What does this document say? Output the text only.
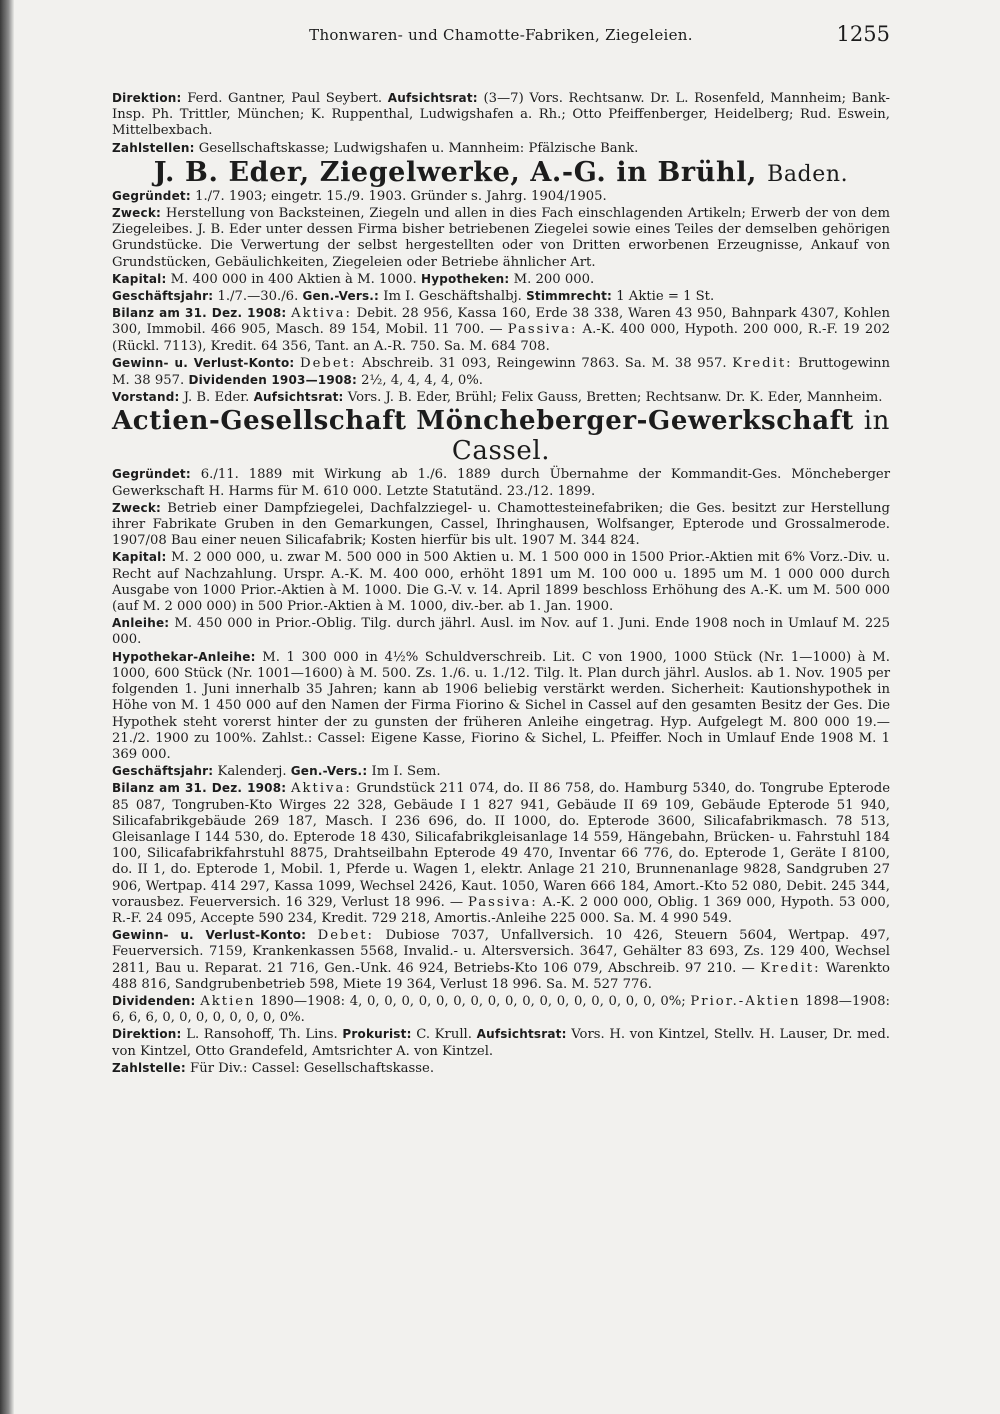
Thonwaren- und Chamotte-Fabriken, Ziegeleien.	1255

Direktion: Ferd. Gantner, Paul Seybert. Aufsichtsrat: (3—7) Vors. Rechtsanw. Dr. L. Rosenfeld, Mannheim; Bank-Insp. Ph. Trittler, München; K. Ruppenthal, Ludwigshafen a. Rh.; Otto Pfeiffenberger, Heidelberg; Rud. Eswein, Mittelbexbach.

Zahlstellen: Gesellschaftskasse; Ludwigshafen u. Mannheim: Pfälzische Bank.

J. B. Eder, Ziegelwerke, A.-G. in Brühl, Baden.

Gegründet: 1./7. 1903; eingetr. 15./9. 1903. Gründer s. Jahrg. 1904/1905.

Zweck: Herstellung von Backsteinen, Ziegeln und allen in dies Fach einschlagenden Artikeln; Erwerb der von dem Ziegeleibes. J. B. Eder unter dessen Firma bisher betriebenen Ziegelei sowie eines Teiles der demselben gehörigen Grundstücke. Die Verwertung der selbst hergestellten oder von Dritten erworbenen Erzeugnisse, Ankauf von Grundstücken, Gebäulichkeiten, Ziegeleien oder Betriebe ähnlicher Art.

Kapital: M. 400 000 in 400 Aktien à M. 1000. Hypotheken: M. 200 000.

Geschäftsjahr: 1./7.—30./6. Gen.-Vers.: Im I. Geschäftshalbj. Stimmrecht: 1 Aktie = 1 St.

Bilanz am 31. Dez. 1908: Aktiva: Debit. 28 956, Kassa 160, Erde 38 338, Waren 43 950, Bahnpark 4307, Kohlen 300, Immobil. 466 905, Masch. 89 154, Mobil. 11 700. — Passiva: A.-K. 400 000, Hypoth. 200 000, R.-F. 19 202 (Rückl. 7113), Kredit. 64 356, Tant. an A.-R. 750. Sa. M. 684 708.

Gewinn- u. Verlust-Konto: Debet: Abschreib. 31 093, Reingewinn 7863. Sa. M. 38 957. Kredit: Bruttogewinn M. 38 957. Dividenden 1903—1908: 2½, 4, 4, 4, 4, 0%.

Vorstand: J. B. Eder. Aufsichtsrat: Vors. J. B. Eder, Brühl; Felix Gauss, Bretten; Rechtsanw. Dr. K. Eder, Mannheim.

Actien-Gesellschaft Möncheberger-Gewerkschaft in Cassel.

Gegründet: 6./11. 1889 mit Wirkung ab 1./6. 1889 durch Übernahme der Kommandit-Ges. Möncheberger Gewerkschaft H. Harms für M. 610 000. Letzte Statutänd. 23./12. 1899.

Zweck: Betrieb einer Dampfziegelei, Dachfalzziegel- u. Chamottesteinefabriken; die Ges. besitzt zur Herstellung ihrer Fabrikate Gruben in den Gemarkungen, Cassel, Ihringhausen, Wolfsanger, Epterode und Grossalmerode. 1907/08 Bau einer neuen Silicafabrik; Kosten hierfür bis ult. 1907 M. 344 824.

Kapital: M. 2 000 000, u. zwar M. 500 000 in 500 Aktien u. M. 1 500 000 in 1500 Prior.-Aktien mit 6% Vorz.-Div. u. Recht auf Nachzahlung. Urspr. A.-K. M. 400 000, erhöht 1891 um M. 100 000 u. 1895 um M. 1 000 000 durch Ausgabe von 1000 Prior.-Aktien à M. 1000. Die G.-V. v. 14. April 1899 beschloss Erhöhung des A.-K. um M. 500 000 (auf M. 2 000 000) in 500 Prior.-Aktien à M. 1000, div.-ber. ab 1. Jan. 1900.

Anleihe: M. 450 000 in Prior.-Oblig. Tilg. durch jährl. Ausl. im Nov. auf 1. Juni. Ende 1908 noch in Umlauf M. 225 000.

Hypothekar-Anleihe: M. 1 300 000 in 4½% Schuldverschreib. Lit. C von 1900, 1000 Stück (Nr. 1—1000) à M. 1000, 600 Stück (Nr. 1001—1600) à M. 500. Zs. 1./6. u. 1./12. Tilg. lt. Plan durch jährl. Auslos. ab 1. Nov. 1905 per folgenden 1. Juni innerhalb 35 Jahren; kann ab 1906 beliebig verstärkt werden. Sicherheit: Kautionshypothek in Höhe von M. 1 450 000 auf den Namen der Firma Fiorino & Sichel in Cassel auf den gesamten Besitz der Ges. Die Hypothek steht vorerst hinter der zu gunsten der früheren Anleihe eingetrag. Hyp. Aufgelegt M. 800 000 19.—21./2. 1900 zu 100%. Zahlst.: Cassel: Eigene Kasse, Fiorino & Sichel, L. Pfeiffer. Noch in Umlauf Ende 1908 M. 1 369 000.

Geschäftsjahr: Kalenderj. Gen.-Vers.: Im I. Sem.

Bilanz am 31. Dez. 1908: Aktiva: Grundstück 211 074, do. II 86 758, do. Hamburg 5340, do. Tongrube Epterode 85 087, Tongruben-Kto Wirges 22 328, Gebäude I 1 827 941, Gebäude II 69 109, Gebäude Epterode 51 940, Silicafabrikgebäude 269 187, Masch. I 236 696, do. II 1000, do. Epterode 3600, Silicafabrikmasch. 78 513, Gleisanlage I 144 530, do. Epterode 18 430, Silicafabrikgleisanlage 14 559, Hängebahn, Brücken- u. Fahrstuhl 184 100, Silicafabrikfahrstuhl 8875, Drahtseilbahn Epterode 49 470, Inventar 66 776, do. Epterode 1, Geräte I 8100, do. II 1, do. Epterode 1, Mobil. 1, Pferde u. Wagen 1, elektr. Anlage 21 210, Brunnenanlage 9828, Sandgruben 27 906, Wertpap. 414 297, Kassa 1099, Wechsel 2426, Kaut. 1050, Waren 666 184, Amort.-Kto 52 080, Debit. 245 344, vorausbez. Feuerversich. 16 329, Verlust 18 996. — Passiva: A.-K. 2 000 000, Oblig. 1 369 000, Hypoth. 53 000, R.-F. 24 095, Accepte 590 234, Kredit. 729 218, Amortis.-Anleihe 225 000. Sa. M. 4 990 549.

Gewinn- u. Verlust-Konto: Debet: Dubiose 7037, Unfallversich. 10 426, Steuern 5604, Wertpap. 497, Feuerversich. 7159, Krankenkassen 5568, Invalid.- u. Altersversich. 3647, Gehälter 83 693, Zs. 129 400, Wechsel 2811, Bau u. Reparat. 21 716, Gen.-Unk. 46 924, Betriebs-Kto 106 079, Abschreib. 97 210. — Kredit: Warenkto 488 816, Sandgrubenbetrieb 598, Miete 19 364, Verlust 18 996. Sa. M. 527 776.

Dividenden: Aktien 1890—1908: 4, 0, 0, 0, 0, 0, 0, 0, 0, 0, 0, 0, 0, 0, 0, 0, 0, 0, 0%; Prior.-Aktien 1898—1908: 6, 6, 6, 0, 0, 0, 0, 0, 0, 0, 0%.

Direktion: L. Ransohoff, Th. Lins. Prokurist: C. Krull. Aufsichtsrat: Vors. H. von Kintzel, Stellv. H. Lauser, Dr. med. von Kintzel, Otto Grandefeld, Amtsrichter A. von Kintzel.

Zahlstelle: Für Div.: Cassel: Gesellschaftskasse.
